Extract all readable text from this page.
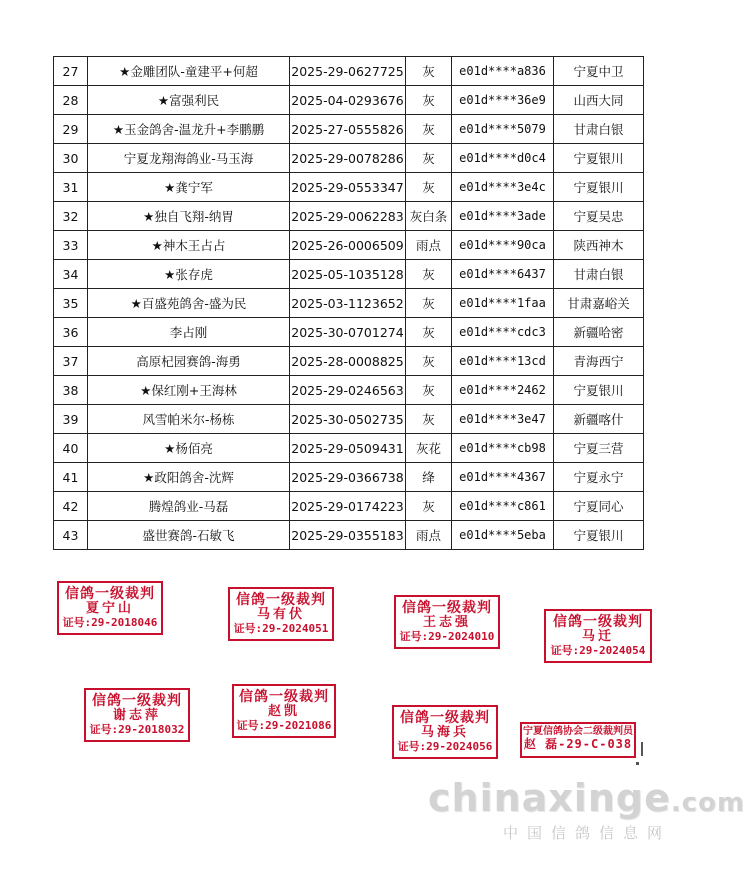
27	★金雕团队-童建平+何超	2025-29-0627725	灰	e01d****a836	宁夏中卫
28	★富强利民	2025-04-0293676	灰	e01d****36e9	山西大同
29	★玉金鸽舍-温龙升+李鹏鹏	2025-27-0555826	灰	e01d****5079	甘肃白银
30	宁夏龙翔海鸽业-马玉海	2025-29-0078286	灰	e01d****d0c4	宁夏银川
31	★龚宁军	2025-29-0553347	灰	e01d****3e4c	宁夏银川
32	★独自飞翔-纳胃	2025-29-0062283	灰白条	e01d****3ade	宁夏吴忠
33	★神木王占占	2025-26-0006509	雨点	e01d****90ca	陕西神木
34	★张存虎	2025-05-1035128	灰	e01d****6437	甘肃白银
35	★百盛苑鸽舍-盛为民	2025-03-1123652	灰	e01d****1faa	甘肃嘉峪关
36	李占刚	2025-30-0701274	灰	e01d****cdc3	新疆哈密
37	高原杞园赛鸽-海勇	2025-28-0008825	灰	e01d****13cd	青海西宁
38	★保红刚+王海林	2025-29-0246563	灰	e01d****2462	宁夏银川
39	风雪帕米尔-杨栋	2025-30-0502735	灰	e01d****3e47	新疆喀什
40	★杨佰亮	2025-29-0509431	灰花	e01d****cb98	宁夏三营
41	★政阳鸽舍-沈辉	2025-29-0366738	绛	e01d****4367	宁夏永宁
42	腾煌鸽业-马磊	2025-29-0174223	灰	e01d****c861	宁夏同心
43	盛世赛鸽-石敏飞	2025-29-0355183	雨点	e01d****5eba	宁夏银川
信鸽一级裁判
夏宁山
证号:29-2018046
信鸽一级裁判
马有伏
证号:29-2024051
信鸽一级裁判
王志强
证号:29-2024010
信鸽一级裁判
马迁
证号:29-2024054
信鸽一级裁判
谢志萍
证号:29-2018032
信鸽一级裁判
赵凯
证号:29-2021086	信鸽一级裁判
马海兵
证号:29-2024056
宁夏信鸽协会二级裁判员
赵 磊-29-C-038
chinaxinge.com
中国信鸽信息网
